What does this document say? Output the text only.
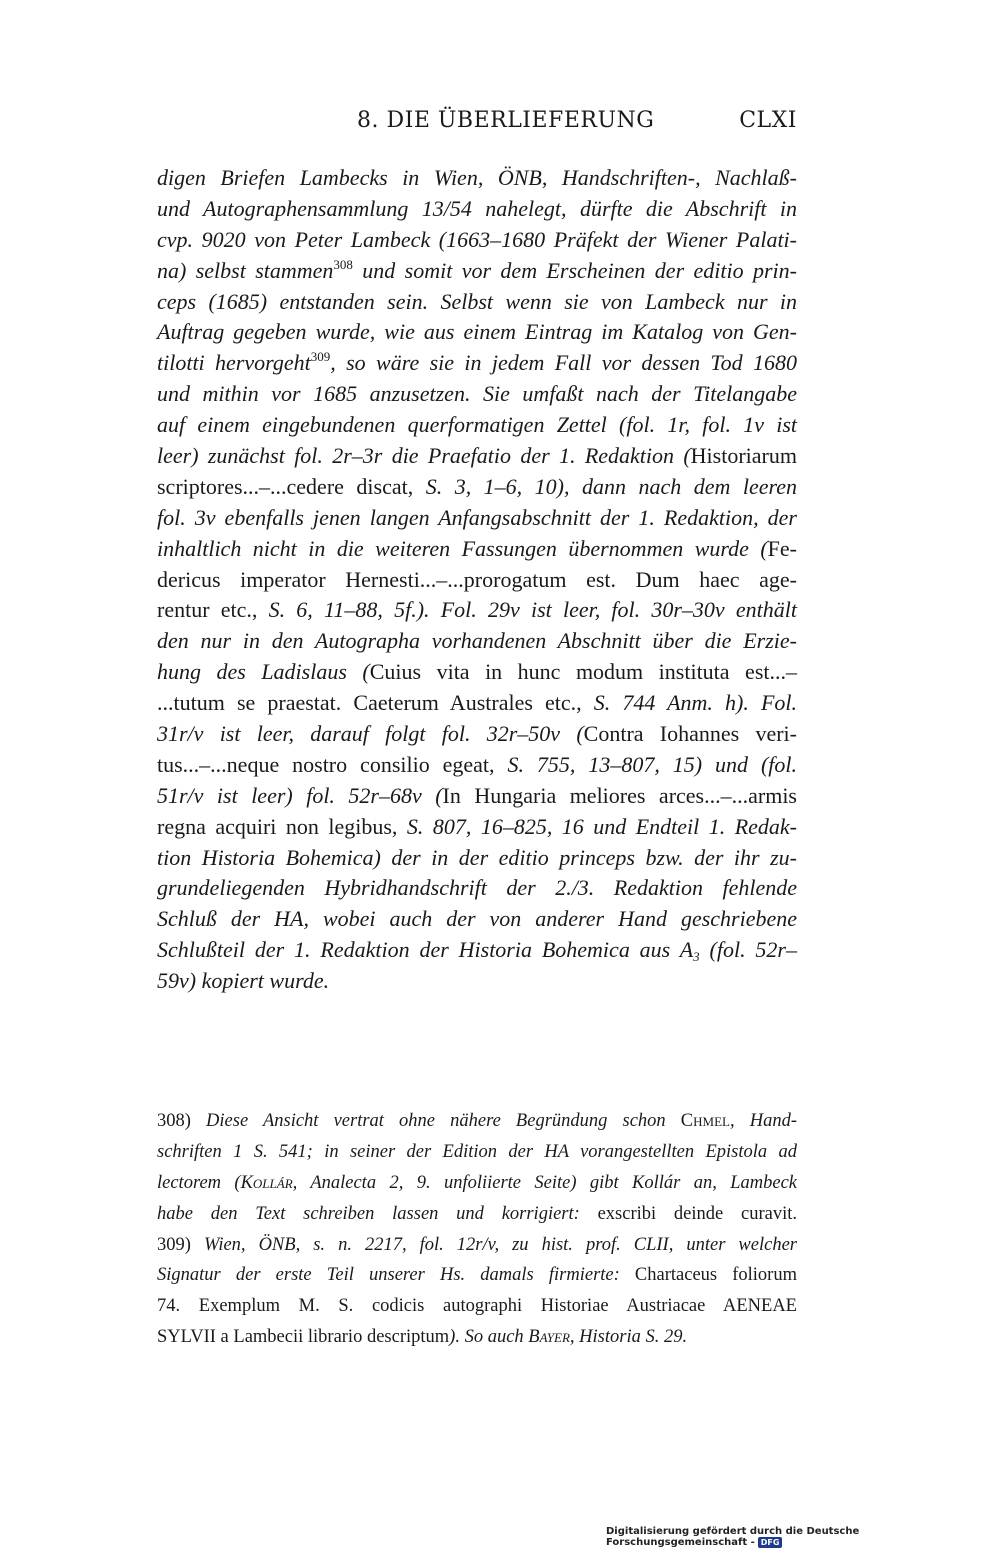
8. DIE ÜBERLIEFERUNG	CLXI
digen Briefen Lambecks in Wien, ÖNB, Handschriften-, Nachlaß-
und Autographensammlung 13/54 nahelegt, dürfte die Abschrift in
cvp. 9020 von Peter Lambeck (1663–1680 Präfekt der Wiener Palati-
na) selbst stammen$^{308}$ und somit vor dem Erscheinen der editio prin-
ceps (1685) entstanden sein. Selbst wenn sie von Lambeck nur in
Auftrag gegeben wurde, wie aus einem Eintrag im Katalog von Gen-
tilotti hervorgeht$^{309}$, so wäre sie in jedem Fall vor dessen Tod 1680
und mithin vor 1685 anzusetzen. Sie umfaßt nach der Titelangabe
auf einem eingebundenen querformatigen Zettel (fol. 1r, fol. 1v ist
leer) zunächst fol. 2r–3r die Praefatio der 1. Redaktion (Historiarum
scriptores...–...cedere discat, S. 3, 1–6, 10), dann nach dem leeren
fol. 3v ebenfalls jenen langen Anfangsabschnitt der 1. Redaktion, der
inhaltlich nicht in die weiteren Fassungen übernommen wurde (Fe-
dericus imperator Hernesti...–...prorogatum est. Dum haec age-
rentur etc., S. 6, 11–88, 5f.). Fol. 29v ist leer, fol. 30r–30v enthält
den nur in den Autographa vorhandenen Abschnitt über die Erzie-
hung des Ladislaus (Cuius vita in hunc modum instituta est...–
...tutum se praestat. Caeterum Australes etc., S. 744 Anm. h). Fol.
31r/v ist leer, darauf folgt fol. 32r–50v (Contra Iohannes veri-
tus...–...neque nostro consilio egeat, S. 755, 13–807, 15) und (fol.
51r/v ist leer) fol. 52r–68v (In Hungaria meliores arces...–...armis
regna acquiri non legibus, S. 807, 16–825, 16 und Endteil 1. Redak-
tion Historia Bohemica) der in der editio princeps bzw. der ihr zu-
grundeliegenden Hybridhandschrift der 2./3. Redaktion fehlende
Schluß der HA, wobei auch der von anderer Hand geschriebene
Schlußteil der 1. Redaktion der Historia Bohemica aus $A_3$ (fol. 52r–
59v) kopiert wurde.
308) Diese Ansicht vertrat ohne nähere Begründung schon Chmel, Hand-
schriften 1 S. 541; in seiner der Edition der HA vorangestellten Epistola ad
lectorem (Kollár, Analecta 2, 9. unfoliierte Seite) gibt Kollár an, Lambeck
habe den Text schreiben lassen und korrigiert: exscribi deinde curavit.
309) Wien, ÖNB, s. n. 2217, fol. 12r/v, zu hist. prof. CLII, unter welcher
Signatur der erste Teil unserer Hs. damals firmierte: Chartaceus foliorum
74. Exemplum M. S. codicis autographi Historiae Austriacae AENEAE
SYLVII a Lambecii librario descriptum). So auch Bayer, Historia S. 29.
Digitalisierung gefördert durch die Deutsche Forschungsgemeinschaft - DFG
